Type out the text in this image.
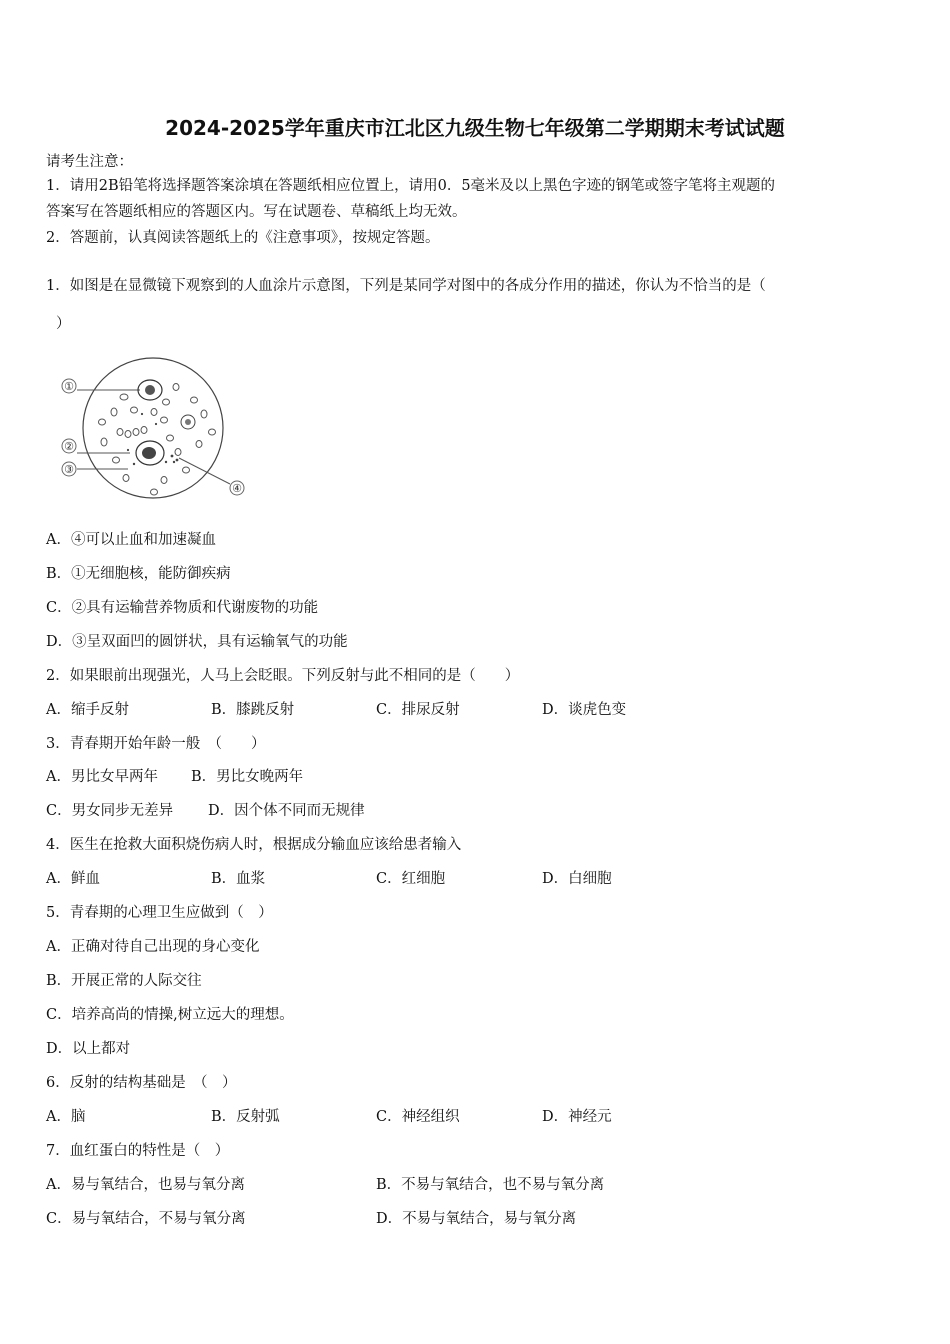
2024-2025学年重庆市江北区九级生物七年级第二学期期末考试试题
请考生注意：
1．请用2B铅笔将选择题答案涂填在答题纸相应位置上，请用0．5毫米及以上黑色字迹的钢笔或签字笔将主观题的
答案写在答题纸相应的答题区内。写在试题卷、草稿纸上均无效。
2．答题前，认真阅读答题纸上的《注意事项》，按规定答题。
1．如图是在显微镜下观察到的人血涂片示意图，下列是某同学对图中的各成分作用的描述，你认为不恰当的是（
）
①
②
③
④
A．④可以止血和加速凝血
B．①无细胞核，能防御疾病
C．②具有运输营养物质和代谢废物的功能
D．③呈双面凹的圆饼状，具有运输氧气的功能
2．如果眼前出现强光，人马上会眨眼。下列反射与此不相同的是（　　）
A．缩手反射	B．膝跳反射	C．排尿反射	D．谈虎色变
3．青春期开始年龄一般　（　　）
A．男比女早两年 B．男比女晚两年
C．男女同步无差异 D．因个体不同而无规律
4．医生在抢救大面积烧伤病人时，根据成分输血应该给患者输入
A．鲜血	B．血浆	C．红细胞	D．白细胞
5．青春期的心理卫生应做到（　）
A．正确对待自己出现的身心变化
B．开展正常的人际交往
C．培养高尚的情操,树立远大的理想。
D．以上都对
6．反射的结构基础是　（　）
A．脑	B．反射弧	C．神经组织	D．神经元
7．血红蛋白的特性是（　）
A．易与氧结合，也易与氧分离	B．不易与氧结合，也不易与氧分离
C．易与氧结合，不易与氧分离	D．不易与氧结合，易与氧分离
